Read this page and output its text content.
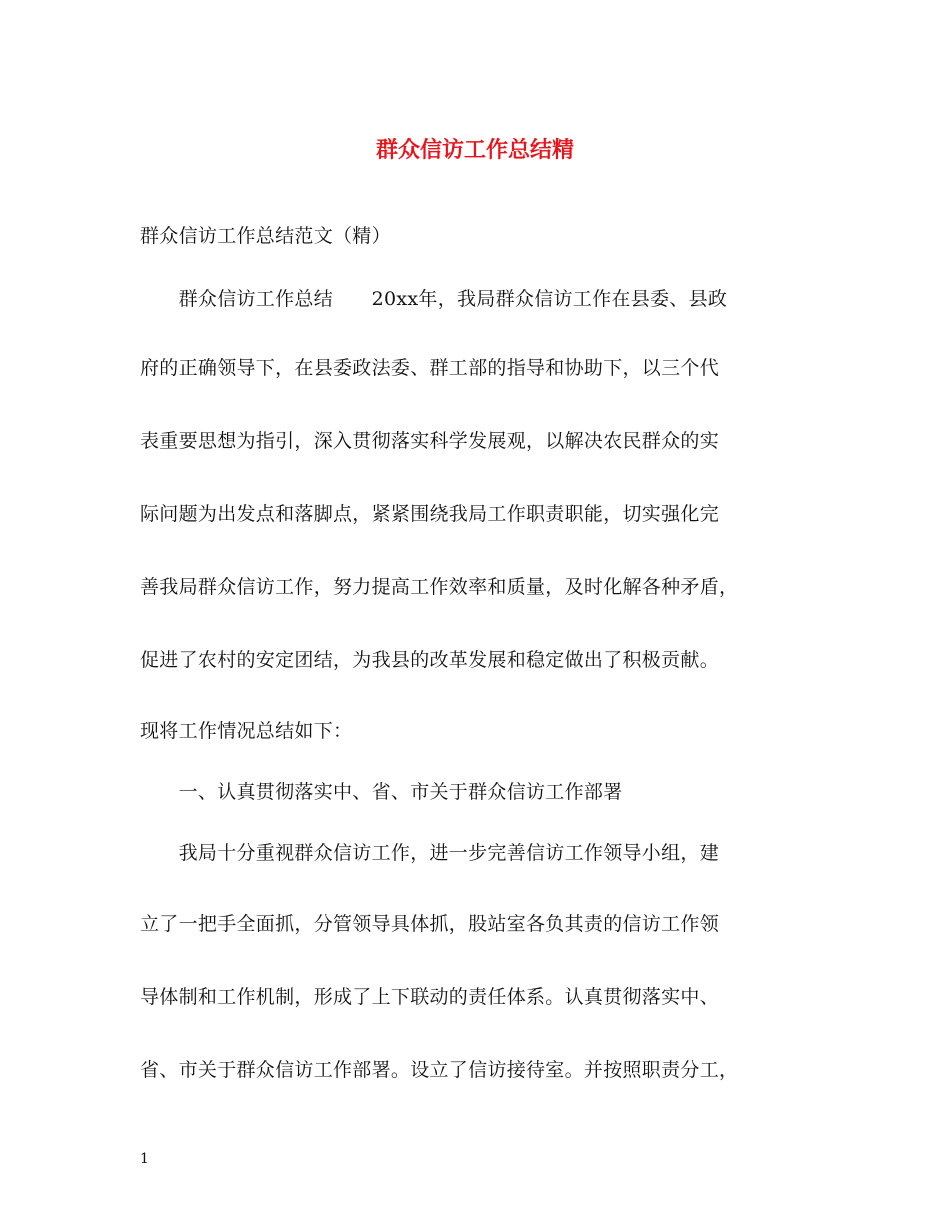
群众信访工作总结精
群众信访工作总结范文（精）
　　群众信访工作总结　　20xx年，我局群众信访工作在县委、县政
府的正确领导下，在县委政法委、群工部的指导和协助下，以三个代
表重要思想为指引，深入贯彻落实科学发展观，以解决农民群众的实
际问题为出发点和落脚点，紧紧围绕我局工作职责职能，切实强化完
善我局群众信访工作，努力提高工作效率和质量，及时化解各种矛盾，
促进了农村的安定团结，为我县的改革发展和稳定做出了积极贡献。
现将工作情况总结如下：
　　一、认真贯彻落实中、省、市关于群众信访工作部署
　　我局十分重视群众信访工作，进一步完善信访工作领导小组，建
立了一把手全面抓，分管领导具体抓，股站室各负其责的信访工作领
导体制和工作机制，形成了上下联动的责任体系。认真贯彻落实中、
省、市关于群众信访工作部署。设立了信访接待室。并按照职责分工，
1
